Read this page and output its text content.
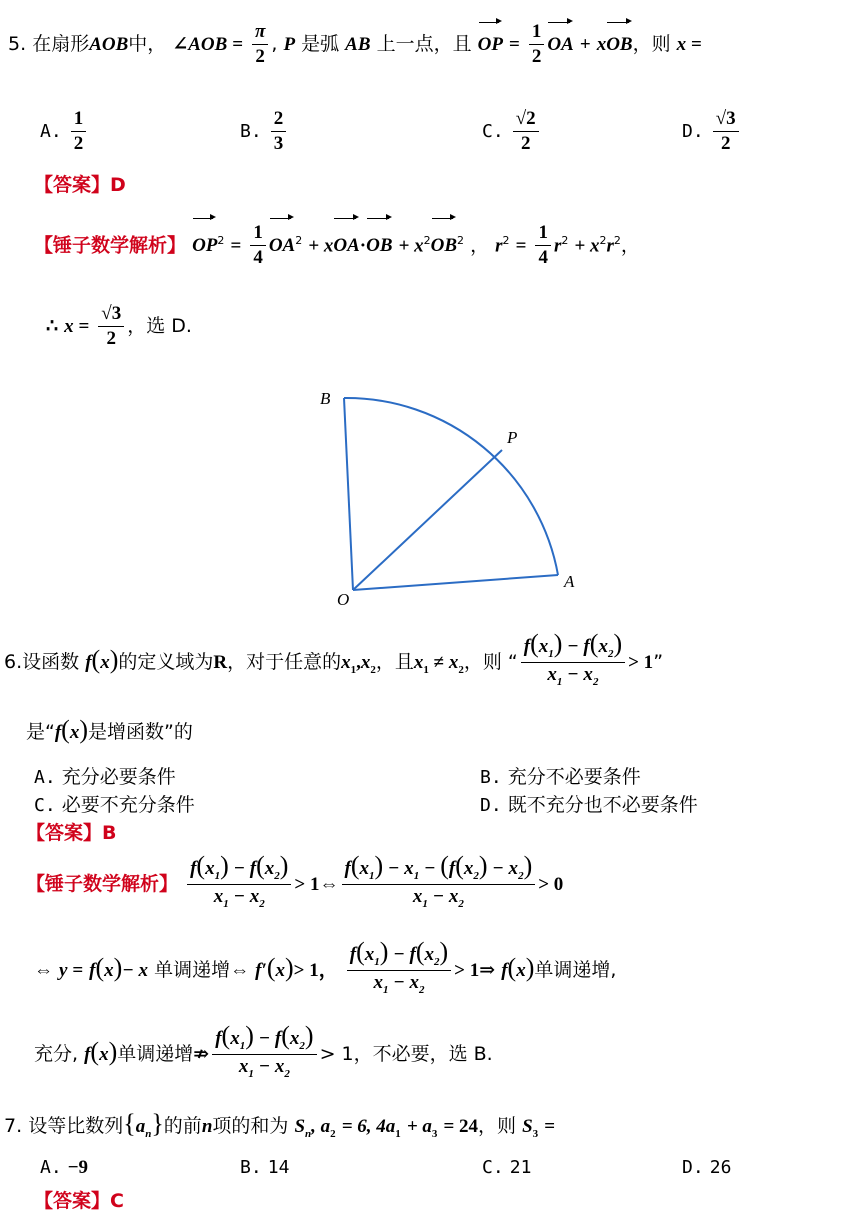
5. 在扇形AOB中， ∠AOB = $\frac{\pi}{2}$ , P 是弧 AB 上一点，且 OP = $\frac{1}{2}$ OA + xOB，则 x =
A. $\frac{1}{2}$	B. $\frac{2}{3}$	C. $\frac{√2}{2}$	D. $\frac{√3}{2}$
【答案】D
【锤子数学解析】 $OP^2 = \frac{1}{4} OA^2 + xOA\cdot OB + x^2OB^2$ ， $r^2 = \frac{1}{4} r^2 + x^2r^2$，
∴ $x = \frac{√3}{2}$ ，选 D.
B
P
O
A
6.设函数 f(x)的定义域为R，对于任意的$x_1,x_2$，且$x_1 \ne x_2$，则 “ $\frac{f(x_1) - f(x_2)}{x_1 - x_2} > 1$”
是“f(x)是增函数”的
A. 充分必要条件	B. 充分不必要条件
C. 必要不充分条件	D. 既不充分也不必要条件
【答案】B
【锤子数学解析】 $\frac{f(x_1) - f(x_2)}{x_1 - x_2}$ > 1⇔ $\frac{f(x_1) - x_1 - (f(x_2) - x_2)}{x_1 - x_2} > 0$
⇔ y = f(x)− x 单调递增⇔ f′(x)> 1， $\frac{f(x_1) - f(x_2)}{x_1 - x_2}$ > 1⇒ f(x)单调递增,
充分, f(x)单调递增⇏ $\frac{f(x_1) - f(x_2)}{x_1 - x_2} > 1$，不必要，选 B.
7. 设等比数列$\{a_n\}$的前n项的和为 $S_n$, $a_2 = 6$, $4a_1 + a_3 = 24$，则 $S_3$ =
A. −9	B. 14	C. 21	D. 26
【答案】C
